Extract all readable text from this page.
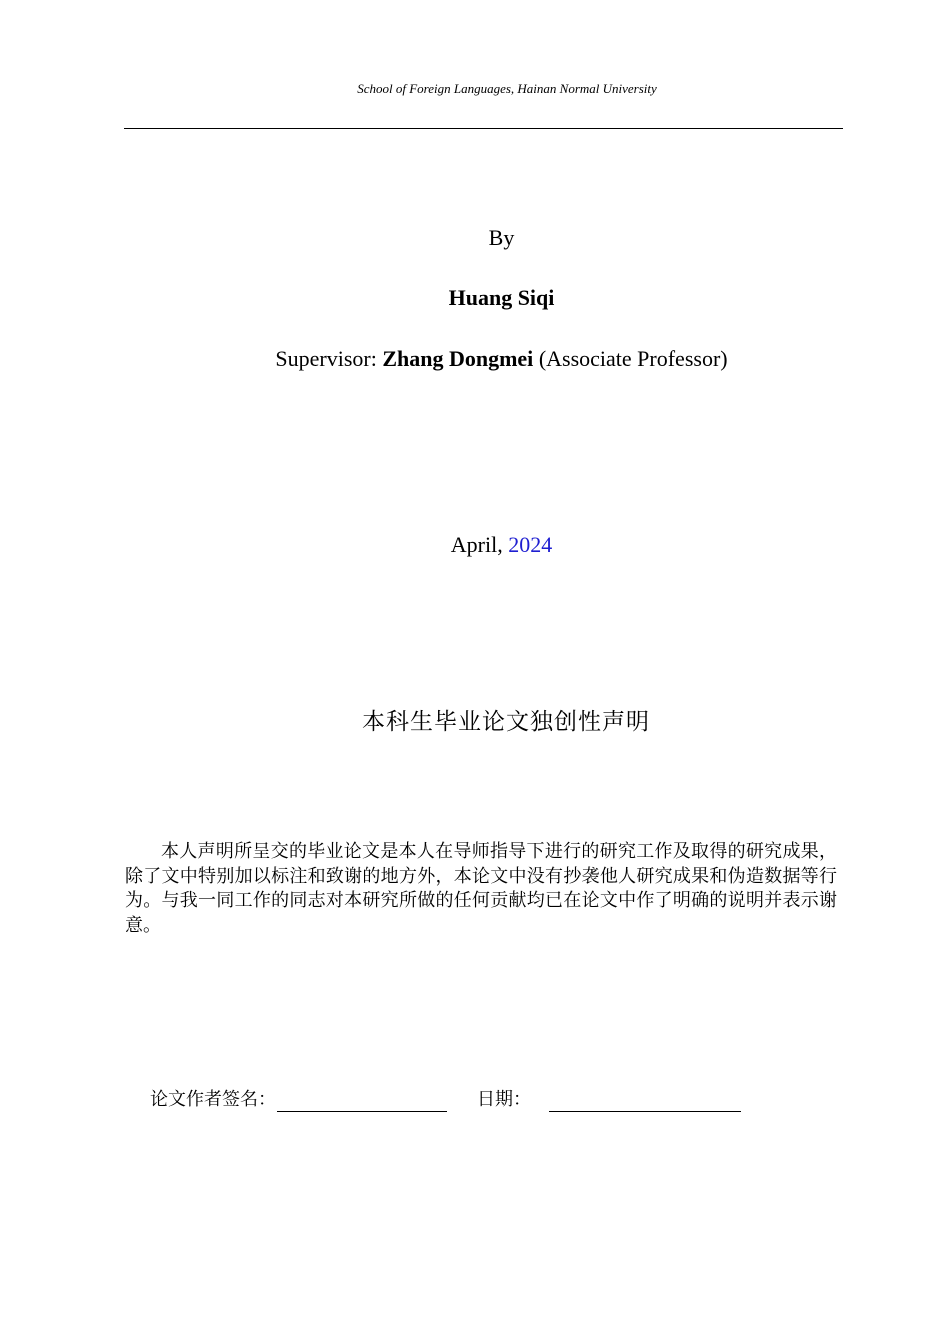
School of Foreign Languages, Hainan Normal University
By
Huang Siqi
Supervisor: Zhang Dongmei (Associate Professor)
April, 2024
本科生毕业论文独创性声明
本人声明所呈交的毕业论文是本人在导师指导下进行的研究工作及取得的研究成果，除了文中特别加以标注和致谢的地方外，本论文中没有抄袭他人研究成果和伪造数据等行为。与我一同工作的同志对本研究所做的任何贡献均已在论文中作了明确的说明并表示谢意。
论文作者签名：	日期：
